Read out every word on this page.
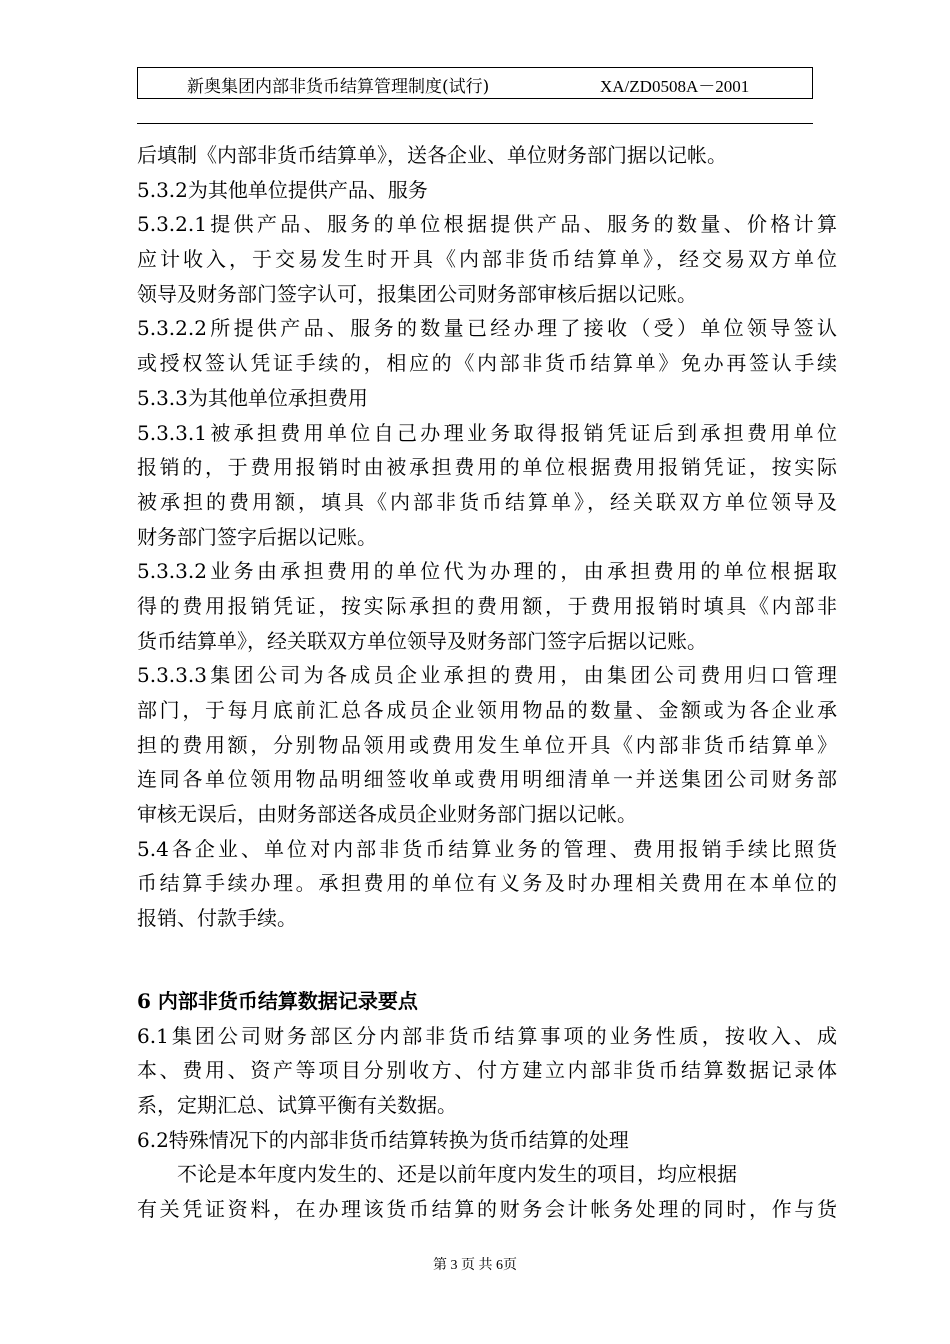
新奥集团内部非货币结算管理制度(试行)	XA/ZD0508A－2001
后填制《内部非货币结算单》，送各企业、单位财务部门据以记帐。
5.3.2为其他单位提供产品、服务
5.3.2.1提供产品、服务的单位根据提供产品、服务的数量、价格计算
应计收入，于交易发生时开具《内部非货币结算单》，经交易双方单位
领导及财务部门签字认可，报集团公司财务部审核后据以记账。
5.3.2.2所提供产品、服务的数量已经办理了接收（受）单位领导签认
或授权签认凭证手续的，相应的《内部非货币结算单》免办再签认手续
5.3.3为其他单位承担费用
5.3.3.1被承担费用单位自己办理业务取得报销凭证后到承担费用单位
报销的，于费用报销时由被承担费用的单位根据费用报销凭证，按实际
被承担的费用额，填具《内部非货币结算单》，经关联双方单位领导及
财务部门签字后据以记账。
5.3.3.2业务由承担费用的单位代为办理的，由承担费用的单位根据取
得的费用报销凭证，按实际承担的费用额，于费用报销时填具《内部非
货币结算单》，经关联双方单位领导及财务部门签字后据以记账。
5.3.3.3集团公司为各成员企业承担的费用，由集团公司费用归口管理
部门，于每月底前汇总各成员企业领用物品的数量、金额或为各企业承
担的费用额，分别物品领用或费用发生单位开具《内部非货币结算单》
连同各单位领用物品明细签收单或费用明细清单一并送集团公司财务部
审核无误后，由财务部送各成员企业财务部门据以记帐。
5.4各企业、单位对内部非货币结算业务的管理、费用报销手续比照货
币结算手续办理。承担费用的单位有义务及时办理相关费用在本单位的
报销、付款手续。
6 内部非货币结算数据记录要点
6.1集团公司财务部区分内部非货币结算事项的业务性质，按收入、成
本、费用、资产等项目分别收方、付方建立内部非货币结算数据记录体
系，定期汇总、试算平衡有关数据。
6.2特殊情况下的内部非货币结算转换为货币结算的处理
不论是本年度内发生的、还是以前年度内发生的项目，均应根据
有关凭证资料，在办理该货币结算的财务会计帐务处理的同时，作与货
第 3 页 共 6页
